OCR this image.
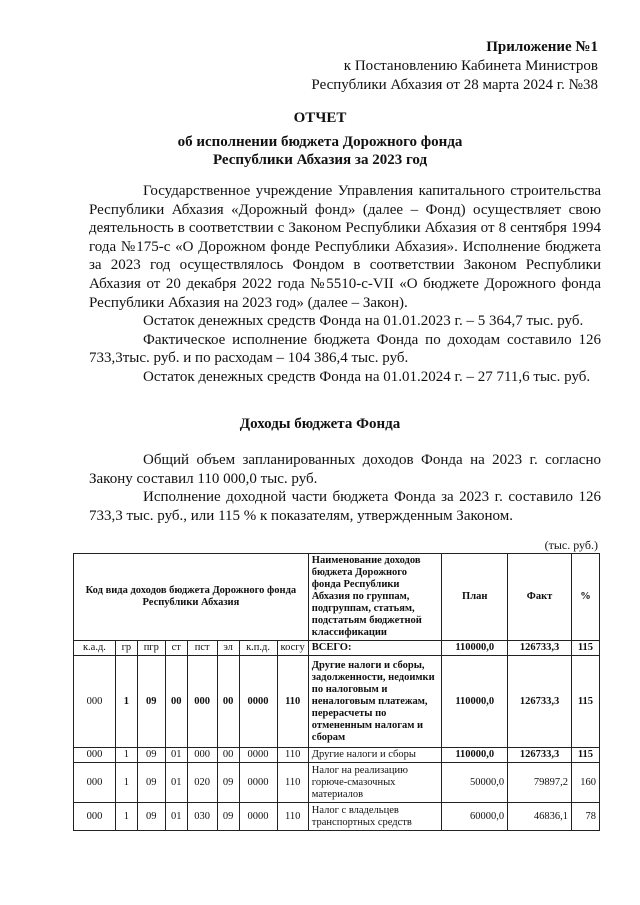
Приложение №1
к Постановлению Кабинета Министров
Республики Абхазия от 28 марта 2024 г. №38
ОТЧЕТ
об исполнении бюджета Дорожного фонда
Республики Абхазия за 2023 год

Государственное учреждение Управления капитального строительства Республики Абхазия «Дорожный фонд» (далее – Фонд) осуществляет свою деятельность в соответствии с Законом Республики Абхазия от 8 сентября 1994 года №175-с «О Дорожном фонде Республики Абхазия». Исполнение бюджета за 2023 год осуществлялось Фондом в соответствии Законом Республики Абхазия от 20 декабря 2022 года №5510-с-VII «О бюджете Дорожного фонда Республики Абхазия на 2023 год» (далее – Закон).

Остаток денежных средств Фонда на 01.01.2023 г. – 5 364,7 тыс. руб.

Фактическое исполнение бюджета Фонда по доходам составило 126 733,3тыс. руб. и по расходам – 104 386,4 тыс. руб.

Остаток денежных средств Фонда на 01.01.2024 г. – 27 711,6 тыс. руб.

Доходы бюджета Фонда

Общий объем запланированных доходов Фонда на 2023 г. согласно Закону составил 110 000,0 тыс. руб.

Исполнение доходной части бюджета Фонда за 2023 г. составило 126 733,3 тыс. руб., или 115 % к показателям, утвержденным Законом.

(тыс. руб.)
Код вида доходов бюджета Дорожного фонда Республики Абхазия								Наименование доходов бюджета Дорожного фонда Республики Абхазия по группам, подгруппам, статьям, подстатьям бюджетной классификации	План	Факт	%
к.а.д.	гр	пгр	ст	пст	эл	к.п.д.	косгу	ВСЕГО:	110000,0	126733,3	115
000	1	09	00	000	00	0000	110	Другие налоги и сборы, задолженности, недоимки по налоговым и неналоговым платежам, перерасчеты по отмененным налогам и сборам	110000,0	126733,3	115
000	1	09	01	000	00	0000	110	Другие налоги и сборы	110000,0	126733,3	115
000	1	09	01	020	09	0000	110	Налог на реализацию горюче-смазочных материалов	50000,0	79897,2	160
000	1	09	01	030	09	0000	110	Налог с владельцев транспортных средств	60000,0	46836,1	78
